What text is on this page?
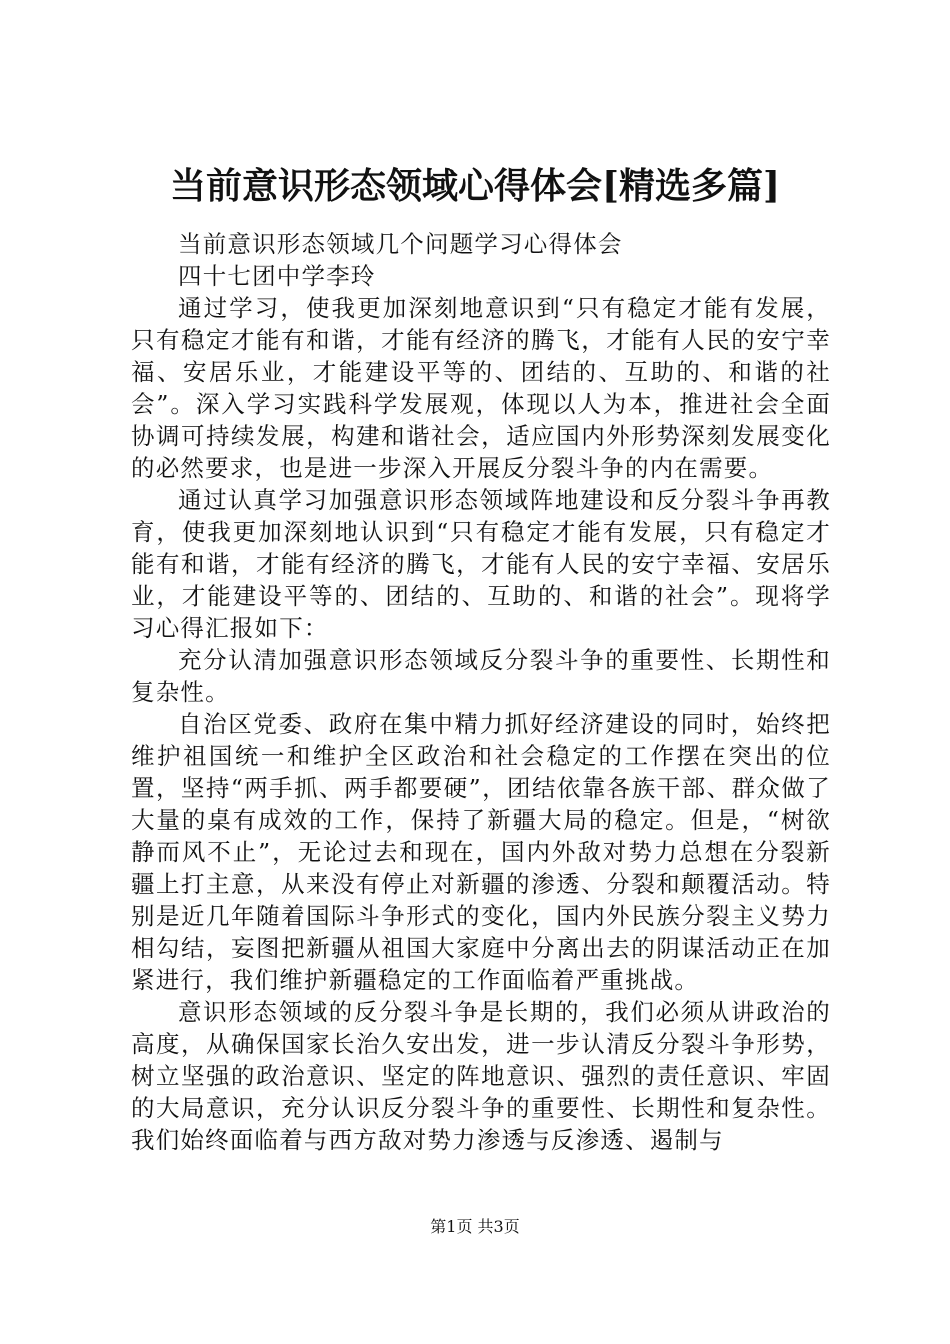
当前意识形态领域心得体会[精选多篇]

当前意识形态领域几个问题学习心得体会

四十七团中学李玲

通过学习，使我更加深刻地意识到“只有稳定才能有发展，只有稳定才能有和谐，才能有经济的腾飞，才能有人民的安宁幸福、安居乐业，才能建设平等的、团结的、互助的、和谐的社会”。深入学习实践科学发展观，体现以人为本，推进社会全面协调可持续发展，构建和谐社会，适应国内外形势深刻发展变化的必然要求，也是进一步深入开展反分裂斗争的内在需要。

通过认真学习加强意识形态领域阵地建设和反分裂斗争再教育，使我更加深刻地认识到“只有稳定才能有发展，只有稳定才能有和谐，才能有经济的腾飞，才能有人民的安宁幸福、安居乐业，才能建设平等的、团结的、互助的、和谐的社会”。现将学习心得汇报如下：

充分认清加强意识形态领域反分裂斗争的重要性、长期性和复杂性。

自治区党委、政府在集中精力抓好经济建设的同时，始终把维护祖国统一和维护全区政治和社会稳定的工作摆在突出的位置，坚持“两手抓、两手都要硬”，团结依靠各族干部、群众做了大量的桌有成效的工作，保持了新疆大局的稳定。但是，“树欲静而风不止”，无论过去和现在，国内外敌对势力总想在分裂新疆上打主意，从来没有停止对新疆的渗透、分裂和颠覆活动。特别是近几年随着国际斗争形式的变化，国内外民族分裂主义势力相勾结，妄图把新疆从祖国大家庭中分离出去的阴谋活动正在加紧进行，我们维护新疆稳定的工作面临着严重挑战。

意识形态领域的反分裂斗争是长期的，我们必须从讲政治的高度，从确保国家长治久安出发，进一步认清反分裂斗争形势，树立坚强的政治意识、坚定的阵地意识、强烈的责任意识、牢固的大局意识，充分认识反分裂斗争的重要性、长期性和复杂性。我们始终面临着与西方敌对势力渗透与反渗透、遏制与

第1页 共3页
